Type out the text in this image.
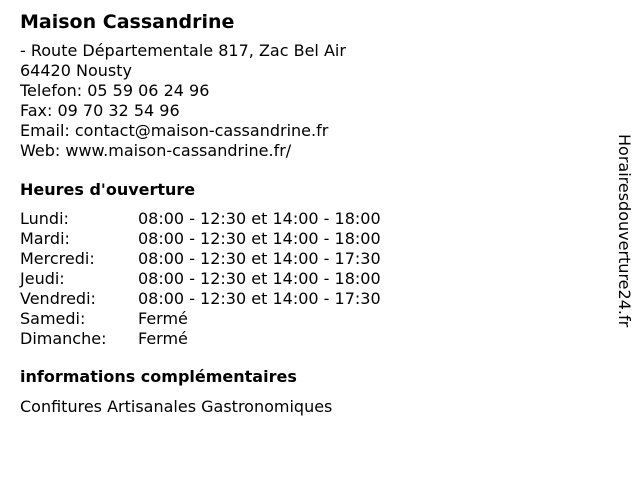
Maison Cassandrine
- Route Départementale 817, Zac Bel Air
64420 Nousty
Telefon: 05 59 06 24 96
Fax: 09 70 32 54 96
Email: contact@maison-cassandrine.fr
Web: www.maison-cassandrine.fr/
Heures d'ouverture
Lundi:	08:00 - 12:30 et 14:00 - 18:00
Mardi:	08:00 - 12:30 et 14:00 - 18:00
Mercredi:	08:00 - 12:30 et 14:00 - 17:30
Jeudi:	08:00 - 12:30 et 14:00 - 18:00
Vendredi:	08:00 - 12:30 et 14:00 - 17:30
Samedi:	Fermé
Dimanche:	Fermé
informations complémentaires
Confitures Artisanales Gastronomiques
Horairesdouverture24.fr
